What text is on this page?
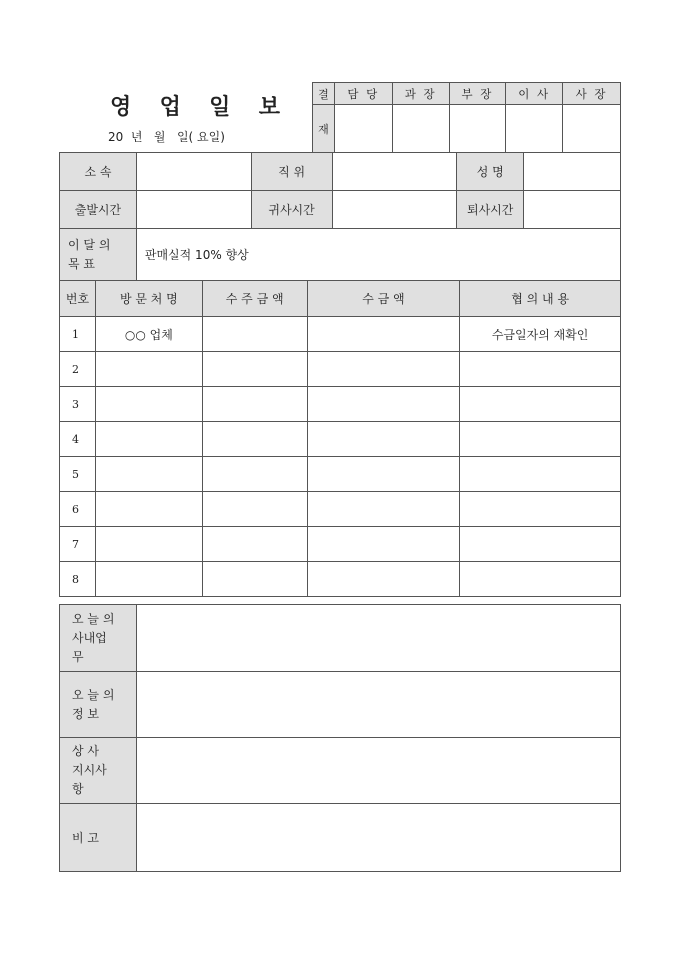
영 업 일 보
20  년   월   일( 요일)
결	담 당	과 장	부 장	이 사	사 장
재					
소 속		직 위		성 명	
출발시간		귀사시간		퇴사시간	

이 달 의
목 표	판매실적 10% 향상				
번호	방 문 처 명	수 주 금 액	수 금 액	협 의 내 용
1	○○ 업체			수금일자의 재확인
2				
3				
4				
5				
6				
7				
8				
오 늘 의
사내업무	

오 늘 의
정 보	

상 사
지시사항	

비 고	
